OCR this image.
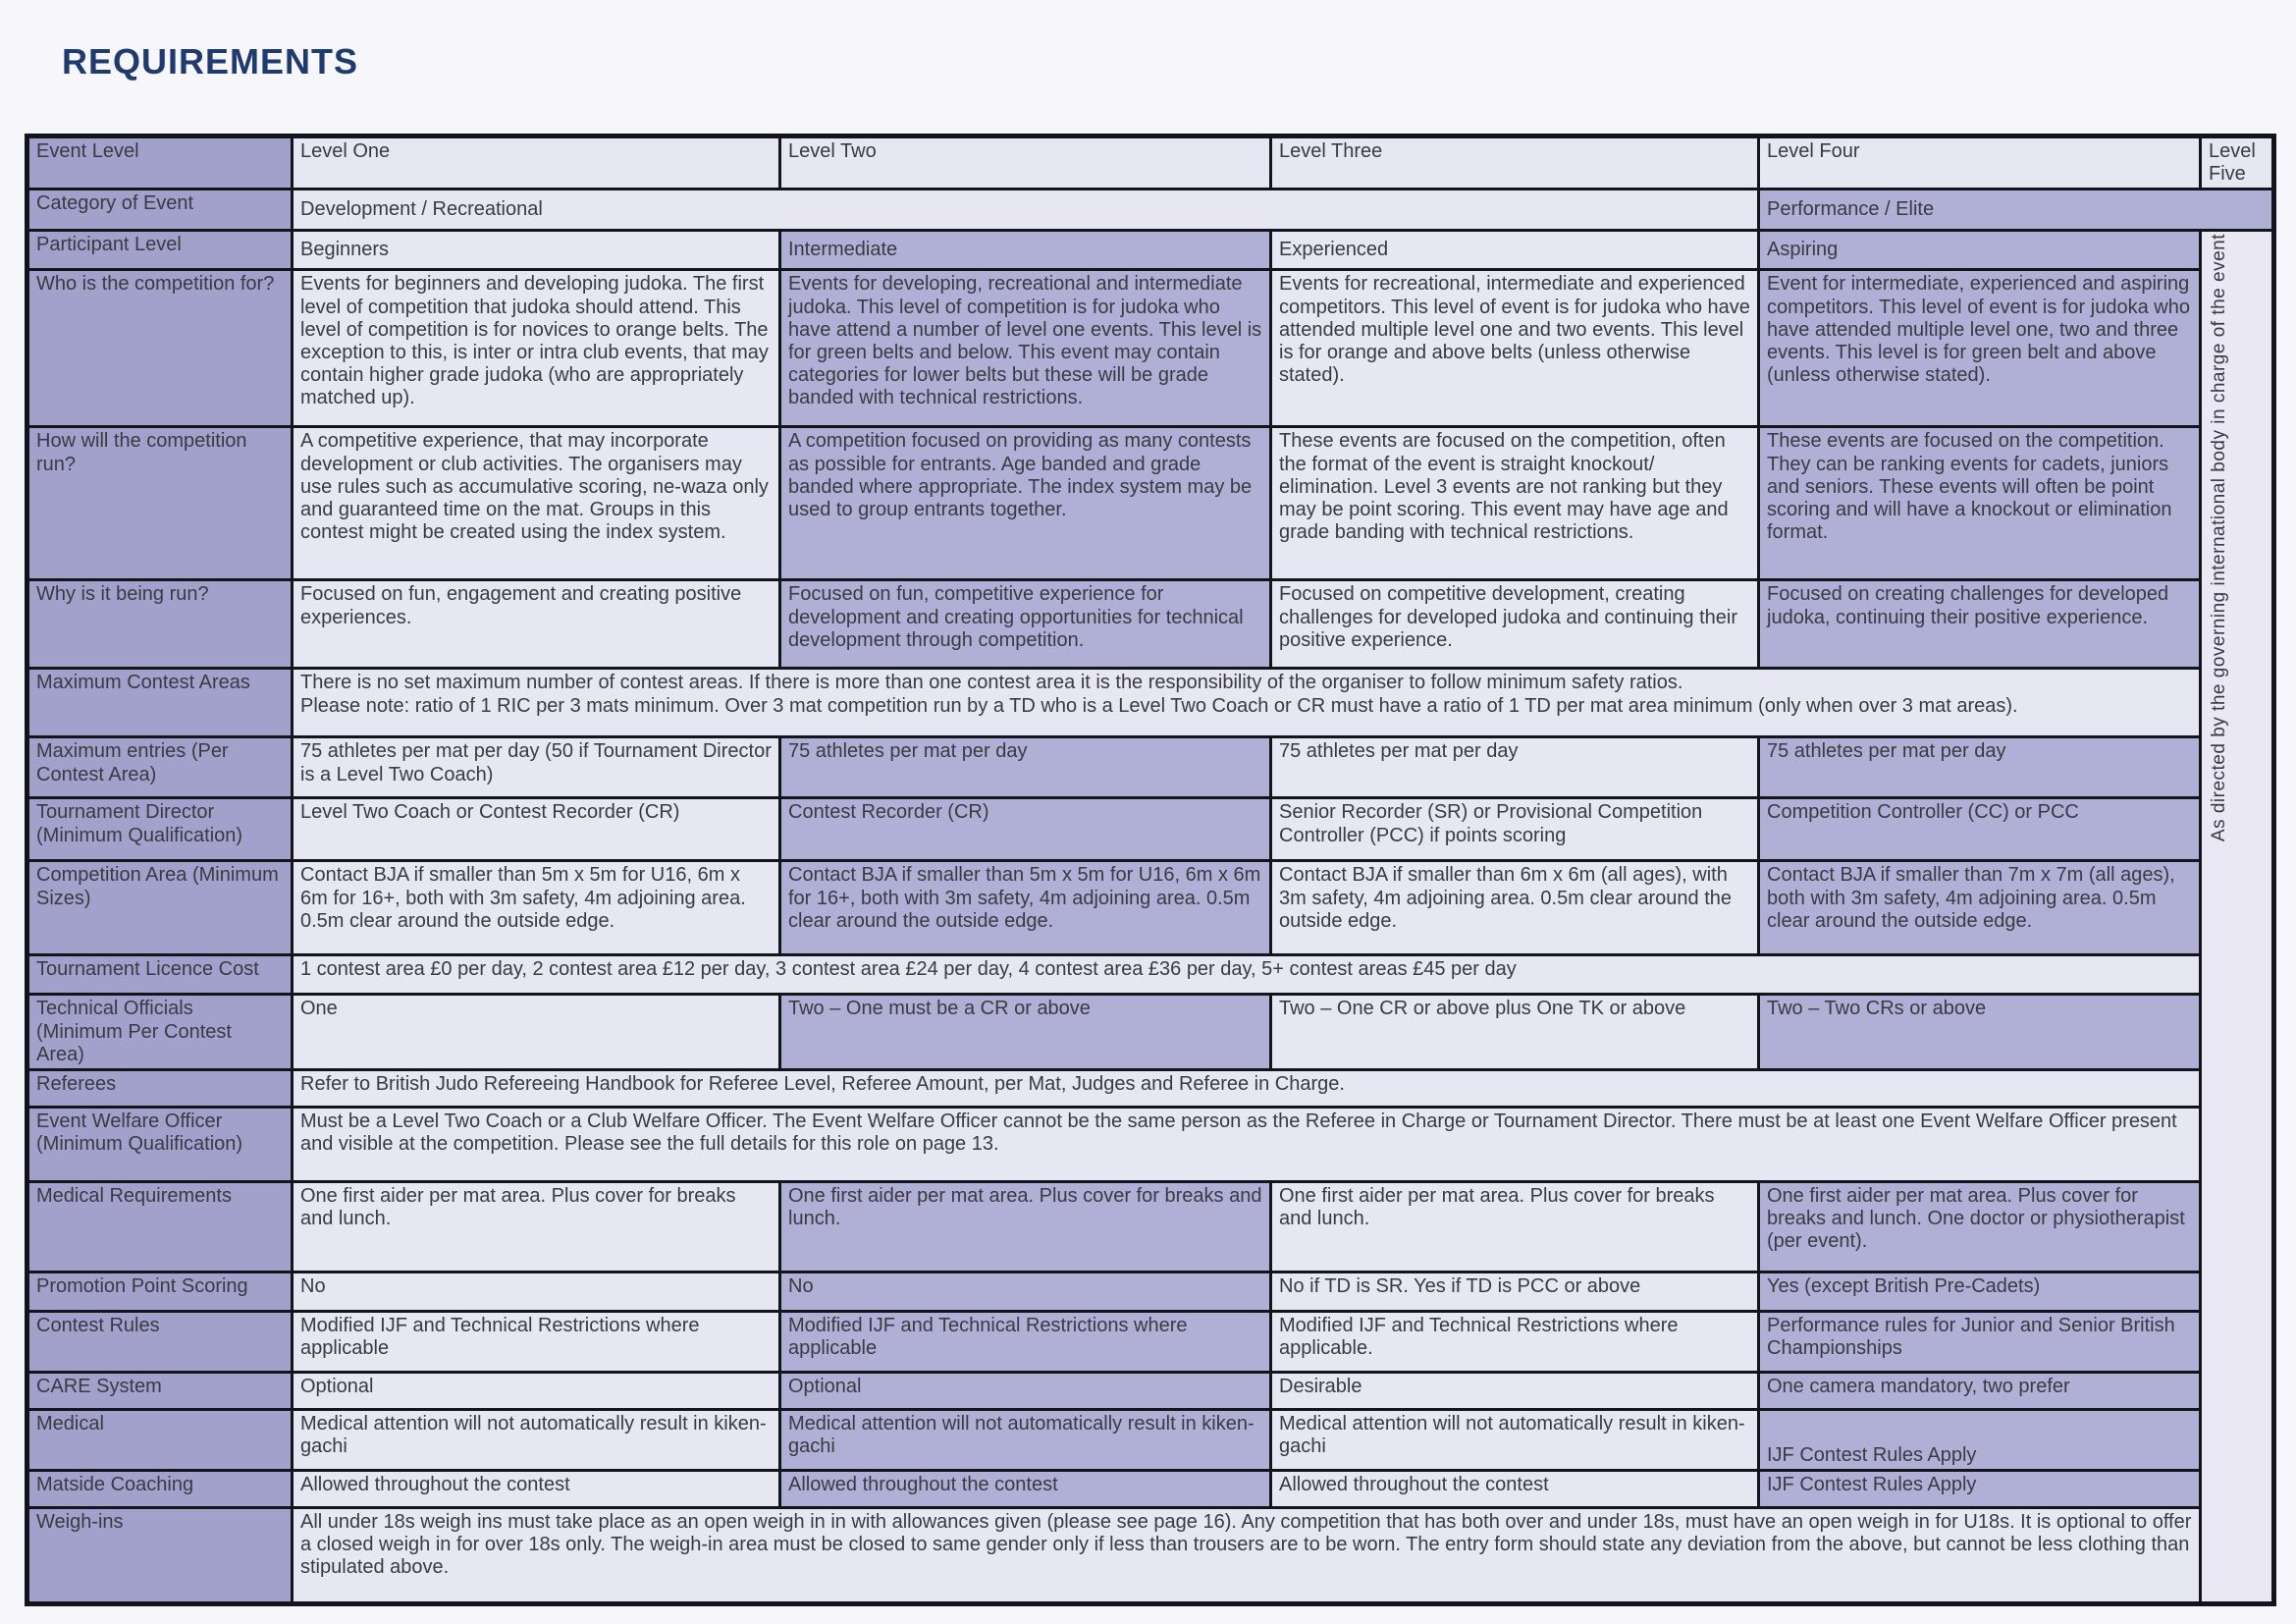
REQUIREMENTS
Event Level	Level One	Level Two	Level Three	Level Four	Level Five
Category of Event	Development / Recreational			Performance / Elite	
Participant Level	Beginners	Intermediate	Experienced	Aspiring	As directed by the governing international body in charge of the event
Who is the competition for?	Events for beginners and developing judoka. The first level of competition that judoka should attend. This level of competition is for novices to orange belts. The exception to this, is inter or intra club events, that may contain higher grade judoka (who are appropriately matched up).	Events for developing, recreational and intermediate judoka. This level of competition is for judoka who have attend a number of level one events. This level is for green belts and below. This event may contain categories for lower belts but these will be grade banded with technical restrictions.	Events for recreational, intermediate and experienced competitors. This level of event is for judoka who have attended multiple level one and two events. This level is for orange and above belts (unless otherwise stated).	Event for intermediate, experienced and aspiring competitors. This level of event is for judoka who have attended multiple level one, two and three events. This level is for green belt and above (unless otherwise stated).
How will the competition run?	A competitive experience, that may incorporate development or club activities. The organisers may use rules such as accumulative scoring, ne-waza only and guaranteed time on the mat. Groups in this contest might be created using the index system.	A competition focused on providing as many contests as possible for entrants. Age banded and grade banded where appropriate. The index system may be used to group entrants together.	These events are focused on the competition, often the format of the event is straight knockout/ elimination. Level 3 events are not ranking but they may be point scoring. This event may have age and grade banding with technical restrictions.	These events are focused on the competition. They can be ranking events for cadets, juniors and seniors. These events will often be point scoring and will have a knockout or elimination format.
Why is it being run?	Focused on fun, engagement and creating positive experiences.	Focused on fun, competitive experience for development and creating opportunities for technical development through competition.	Focused on competitive development, creating challenges for developed judoka and continuing their positive experience.	Focused on creating challenges for developed judoka, continuing their positive experience.	
Maximum Contest Areas	There is no set maximum number of contest areas. If there is more than one contest area it is the responsibility of the organiser to follow minimum safety ratios.
Please note: ratio of 1 RIC per 3 mats minimum. Over 3 mat competition run by a TD who is a Level Two Coach or CR must have a ratio of 1 TD per mat area minimum (only when over 3 mat areas).				

Maximum entries (Per Contest Area)	75 athletes per mat per day (50 if Tournament Director is a Level Two Coach)	75 athletes per mat per day	75 athletes per mat per day	75 athletes per mat per day	
Tournament Director (Minimum Qualification)	Level Two Coach or Contest Recorder (CR)	Contest Recorder (CR)	Senior Recorder (SR) or Provisional Competition Controller (PCC) if points scoring	Competition Controller (CC) or PCC	
Competition Area (Minimum Sizes)	Contact BJA if smaller than 5m x 5m for U16, 6m x 6m for 16+, both with 3m safety, 4m adjoining area. 0.5m clear around the outside edge.	Contact BJA if smaller than 5m x 5m for U16, 6m x 6m for 16+, both with 3m safety, 4m adjoining area. 0.5m clear around the outside edge.	Contact BJA if smaller than 6m x 6m (all ages), with 3m safety, 4m adjoining area. 0.5m clear around the outside edge.	Contact BJA if smaller than 7m x 7m (all ages), both with 3m safety, 4m adjoining area. 0.5m clear around the outside edge.	
Tournament Licence Cost	1 contest area £0 per day, 2 contest area £12 per day, 3 contest area £24 per day, 4 contest area £36 per day, 5+ contest areas £45 per day				
Technical Officials (Minimum Per Contest Area)	One	Two – One must be a CR or above	Two – One CR or above plus One TK or above	Two – Two CRs or above	
Referees	Refer to British Judo Refereeing Handbook for Referee Level, Referee Amount, per Mat, Judges and Referee in Charge.				
Event Welfare Officer (Minimum Qualification)	Must be a Level Two Coach or a Club Welfare Officer. The Event Welfare Officer cannot be the same person as the Referee in Charge or Tournament Director. There must be at least one Event Welfare Officer present and visible at the competition. Please see the full details for this role on page 13.				
Medical Requirements	One first aider per mat area. Plus cover for breaks and lunch.	One first aider per mat area. Plus cover for breaks and lunch.	One first aider per mat area. Plus cover for breaks and lunch.	One first aider per mat area. Plus cover for breaks and lunch. One doctor or physiotherapist (per event).	
Promotion Point Scoring	No	No	No if TD is SR. Yes if TD is PCC or above	Yes (except British Pre-Cadets)	
Contest Rules	Modified IJF and Technical Restrictions where applicable	Modified IJF and Technical Restrictions where applicable	Modified IJF and Technical Restrictions where applicable.	Performance rules for Junior and Senior British Championships	
CARE System	Optional	Optional	Desirable	One camera mandatory, two prefer	
Medical	Medical attention will not automatically result in kiken-gachi	Medical attention will not automatically result in kiken-gachi	Medical attention will not automatically result in kiken-gachi	IJF Contest Rules Apply	
Matside Coaching	Allowed throughout the contest	Allowed throughout the contest	Allowed throughout the contest	IJF Contest Rules Apply	
Weigh-ins	All under 18s weigh ins must take place as an open weigh in in with allowances given (please see page 16). Any competition that has both over and under 18s, must have an open weigh in for U18s. It is optional to offer a closed weigh in for over 18s only. The weigh-in area must be closed to same gender only if less than trousers are to be worn. The entry form should state any deviation from the above, but cannot be less clothing than stipulated above.				
